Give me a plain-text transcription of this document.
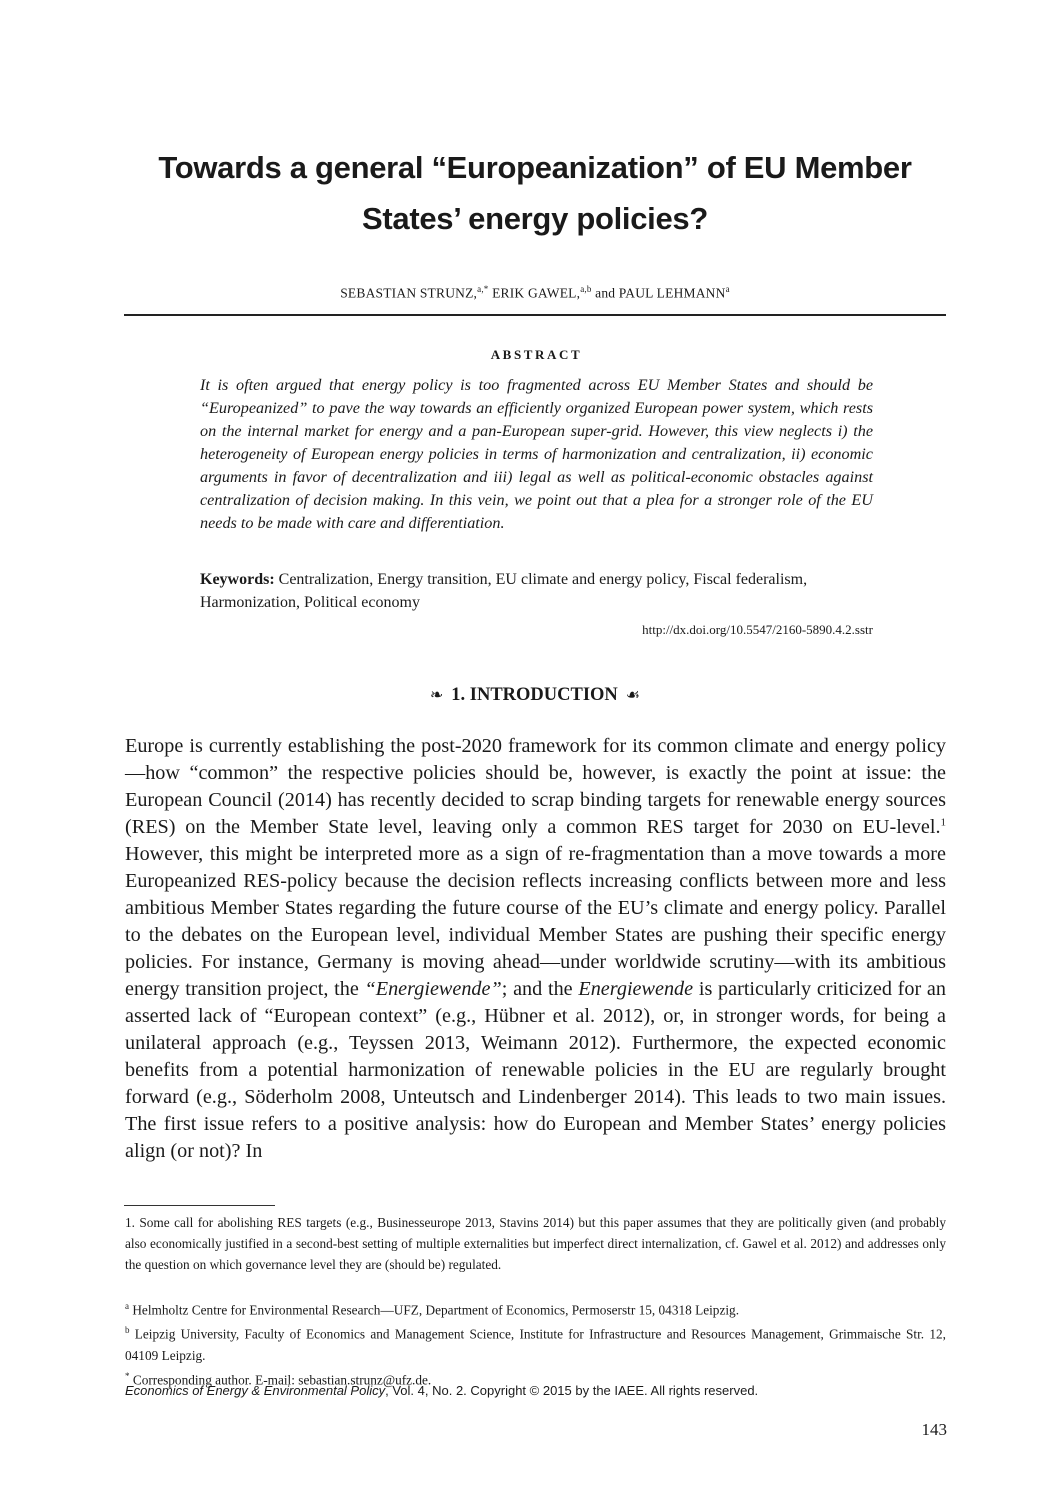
Towards a general “Europeanization” of EU Member States’ energy policies?
SEBASTIAN STRUNZ,$^{a,*}$ ERIK GAWEL,$^{a,b}$ and PAUL LEHMANN$^a$
ABSTRACT
It is often argued that energy policy is too fragmented across EU Member States and should be “Europeanized” to pave the way towards an efficiently organized European power system, which rests on the internal market for energy and a pan-European super-grid. However, this view neglects i) the heterogeneity of European energy policies in terms of harmonization and centralization, ii) economic arguments in favor of decentralization and iii) legal as well as political-economic obstacles against centralization of decision making. In this vein, we point out that a plea for a stronger role of the EU needs to be made with care and differentiation.
Keywords: Centralization, Energy transition, EU climate and energy policy, Fiscal federalism, Harmonization, Political economy
http://dx.doi.org/10.5547/2160-5890.4.2.sstr
❧ 1. INTRODUCTION ☙

Europe is currently establishing the post-2020 framework for its common climate and energy policy—how “common” the respective policies should be, however, is exactly the point at issue: the European Council (2014) has recently decided to scrap binding targets for renewable energy sources (RES) on the Member State level, leaving only a common RES target for 2030 on EU-level.$^1$ However, this might be interpreted more as a sign of re-fragmentation than a move towards a more Europeanized RES-policy because the decision reflects increasing conflicts between more and less ambitious Member States regarding the future course of the EU’s climate and energy policy. Parallel to the debates on the European level, individual Member States are pushing their specific energy policies. For instance, Germany is moving ahead—under worldwide scrutiny—with its ambitious energy transition project, the “Energiewende”; and the Energiewende is particularly criticized for an asserted lack of “European context” (e.g., Hübner et al. 2012), or, in stronger words, for being a unilateral approach (e.g., Teyssen 2013, Weimann 2012). Furthermore, the expected economic benefits from a potential harmonization of renewable policies in the EU are regularly brought forward (e.g., Söderholm 2008, Unteutsch and Lindenberger 2014). This leads to two main issues. The first issue refers to a positive analysis: how do European and Member States’ energy policies align (or not)? In

1. Some call for abolishing RES targets (e.g., Businesseurope 2013, Stavins 2014) but this paper assumes that they are politically given (and probably also economically justified in a second-best setting of multiple externalities but imperfect direct internalization, cf. Gawel et al. 2012) and addresses only the question on which governance level they are (should be) regulated.

$^a$ Helmholtz Centre for Environmental Research—UFZ, Department of Economics, Permoserstr 15, 04318 Leipzig.

$^b$ Leipzig University, Faculty of Economics and Management Science, Institute for Infrastructure and Resources Management, Grimmaische Str. 12, 04109 Leipzig.

* Corresponding author. E-mail: sebastian.strunz@ufz.de.

Economics of Energy & Environmental Policy, Vol. 4, No. 2. Copyright © 2015 by the IAEE. All rights reserved.
143
